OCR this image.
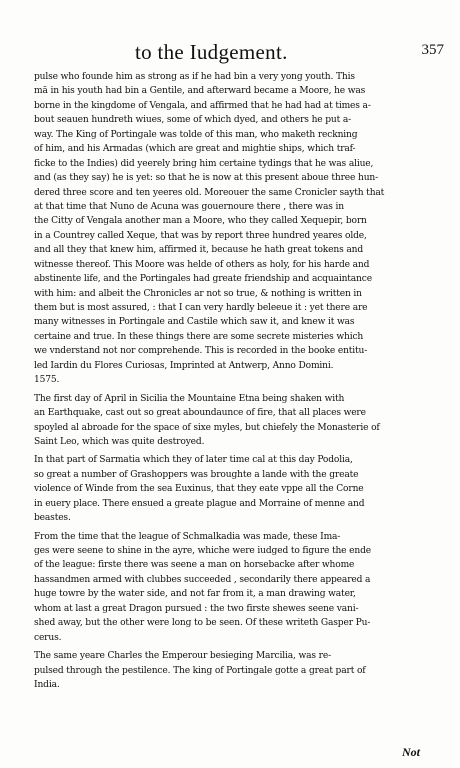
to the Iudgement.	357

pulse who founde him as strong as if he had bin a very yong youth. This
mā in his youth had bin a Gentile, and afterward became a Moore, he was
borne in the kingdome of Vengala, and affirmed that he had had at times a-
bout seauen hundreth wiues, some of which dyed, and others he put a-
way. The King of Portingale was tolde of this man, who maketh reckning
of him, and his Armadas (which are great and mightie ships, which traf-
ficke to the Indies) did yeerely bring him certaine tydings that he was aliue,
and (as they say) he is yet: so that he is now at this present aboue three hun-
dered three score and ten yeeres old. Moreouer the same Cronicler sayth that
at that time that Nuno de Acuna was gouernoure there , there was in
the Citty of Vengala another man a Moore, who they called Xequepir, born
in a Countrey called Xeque, that was by report three hundred yeares olde,
and all they that knew him, affirmed it, because he hath great tokens and
witnesse thereof. This Moore was helde of others as holy, for his harde and
abstinente life, and the Portingales had greate friendship and acquaintance
with him: and albeit the Chronicles ar not so true, & nothing is written in
them but is most assured, : that I can very hardly beleeue it : yet there are
many witnesses in Portingale and Castile which saw it, and knew it was
certaine and true. In these things there are some secrete misteries which
we vnderstand not nor comprehende. This is recorded in the booke entitu-
led Iardin du Flores Curiosas, Imprinted at Antwerp, Anno Domini.
1575.

The first day of April in Sicilia the Mountaine Etna being shaken with
an Earthquake, cast out so great aboundaunce of fire, that all places were
spoyled al abroade for the space of sixe myles, but chiefely the Monasterie of
Saint Leo, which was quite destroyed.

In that part of Sarmatia which they of later time cal at this day Podolia,
so great a number of Grashoppers was broughte a lande with the greate
violence of Winde from the sea Euxinus, that they eate vppe all the Corne
in euery place. There ensued a greate plague and Morraine of menne and
beastes.

From the time that the league of Schmalkadia was made, these Ima-
ges were seene to shine in the ayre, whiche were iudged to figure the ende
of the league: firste there was seene a man on horsebacke after whome
hassandmen armed with clubbes succeeded , secondarily there appeared a
huge towre by the water side, and not far from it, a man drawing water,
whom at last a great Dragon pursued : the two firste shewes seene vani-
shed away, but the other were long to be seen. Of these writeth Gasper Pu-
cerus.

The same yeare Charles the Emperour besieging Marcilia, was re-
pulsed through the pestilence. The king of Portingale gotte a great part of
India.

Not
